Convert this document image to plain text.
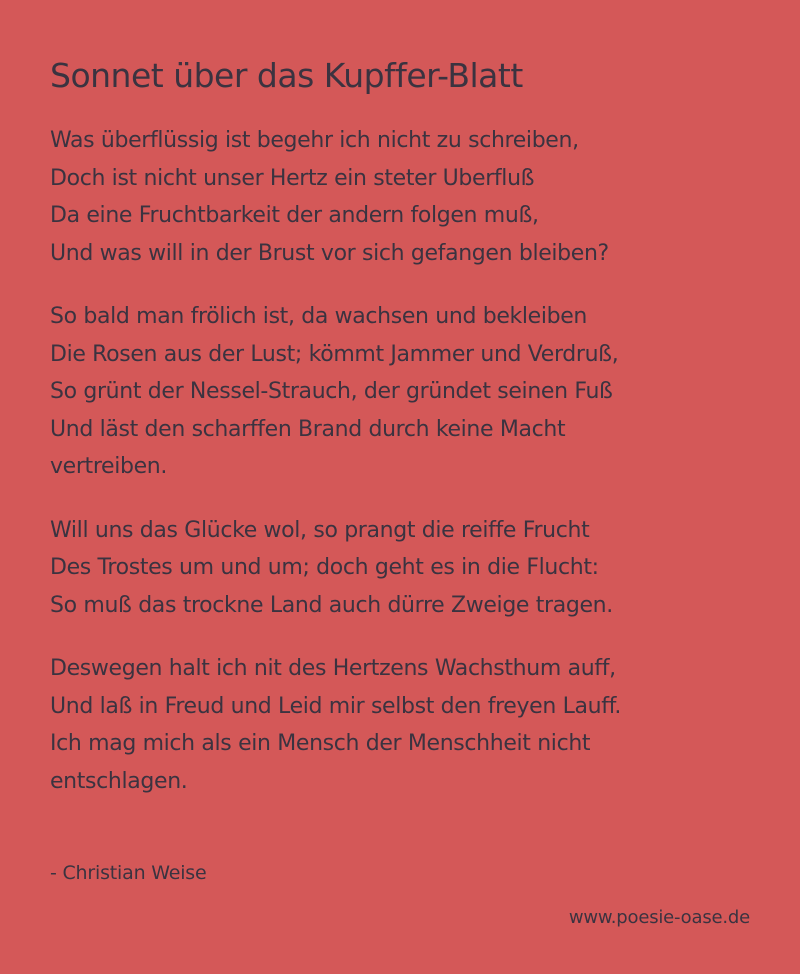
Sonnet über das Kupffer-Blatt
Was überflüssig ist begehr ich nicht zu schreiben,
Doch ist nicht unser Hertz ein steter Uberfluß
Da eine Fruchtbarkeit der andern folgen muß,
Und was will in der Brust vor sich gefangen bleiben?
So bald man frölich ist, da wachsen und bekleiben
Die Rosen aus der Lust; kömmt Jammer und Verdruß,
So grünt der Nessel-Strauch, der gründet seinen Fuß
Und läst den scharffen Brand durch keine Macht
vertreiben.
Will uns das Glücke wol, so prangt die reiffe Frucht
Des Trostes um und um; doch geht es in die Flucht:
So muß das trockne Land auch dürre Zweige tragen.
Deswegen halt ich nit des Hertzens Wachsthum auff,
Und laß in Freud und Leid mir selbst den freyen Lauff.
Ich mag mich als ein Mensch der Menschheit nicht
entschlagen.
- Christian Weise
www.poesie-oase.de
